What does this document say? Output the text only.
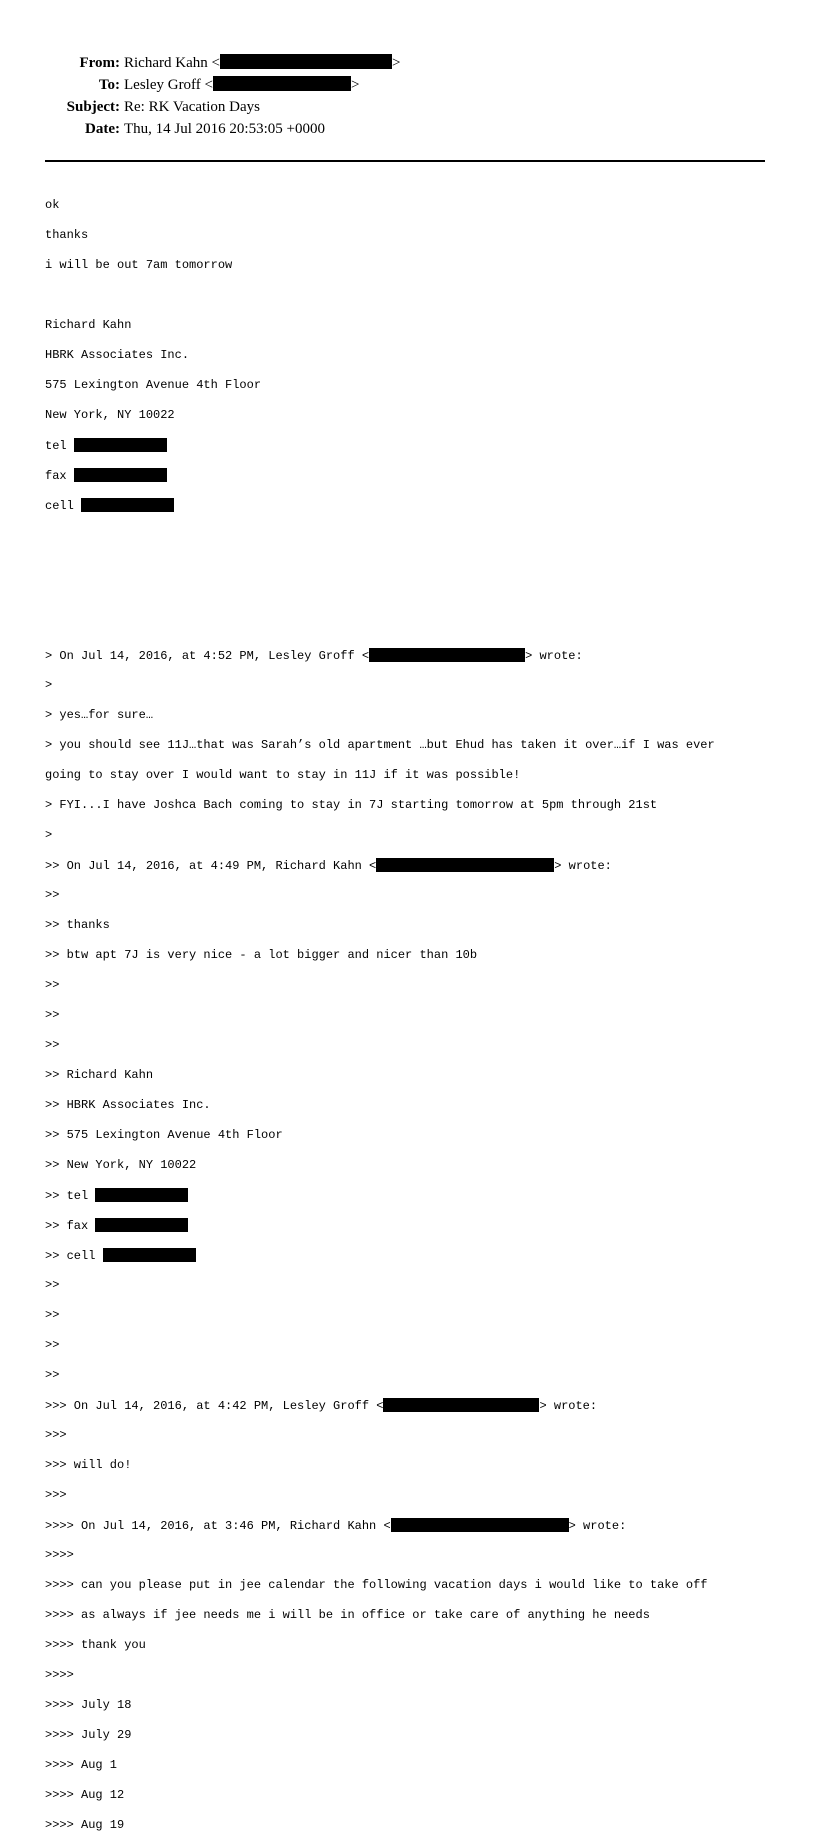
From: Richard Kahn <	>
To: Lesley Groff <	>
Subject: Re: RK Vacation Days
Date: Thu, 14 Jul 2016 20:53:05 +0000

ok

thanks

i will be out 7am tomorrow

Richard Kahn

HBRK Associates Inc.

575 Lexington Avenue 4th Floor

New York, NY 10022

tel

fax

cell

> On Jul 14, 2016, at 4:52 PM, Lesley Groff <	> wrote:

>

> yes…for sure…

> you should see 11J…that was Sarah’s old apartment …but Ehud has taken it over…if I was ever

going to stay over I would want to stay in 11J if it was possible!

> FYI...I have Joshca Bach coming to stay in 7J starting tomorrow at 5pm through 21st

>

>> On Jul 14, 2016, at 4:49 PM, Richard Kahn <	> wrote:

>>

>> thanks

>> btw apt 7J is very nice - a lot bigger and nicer than 10b

>>

>>

>>

>> Richard Kahn

>> HBRK Associates Inc.

>> 575 Lexington Avenue 4th Floor

>> New York, NY 10022

>> tel

>> fax

>> cell

>>

>>

>>

>>

>>> On Jul 14, 2016, at 4:42 PM, Lesley Groff <	> wrote:

>>>

>>> will do!

>>>

>>>> On Jul 14, 2016, at 3:46 PM, Richard Kahn <	> wrote:

>>>>

>>>> can you please put in jee calendar the following vacation days i would like to take off

>>>> as always if jee needs me i will be in office or take care of anything he needs

>>>> thank you

>>>>

>>>> July 18

>>>> July 29

>>>> Aug 1

>>>> Aug 12

>>>> Aug 19
